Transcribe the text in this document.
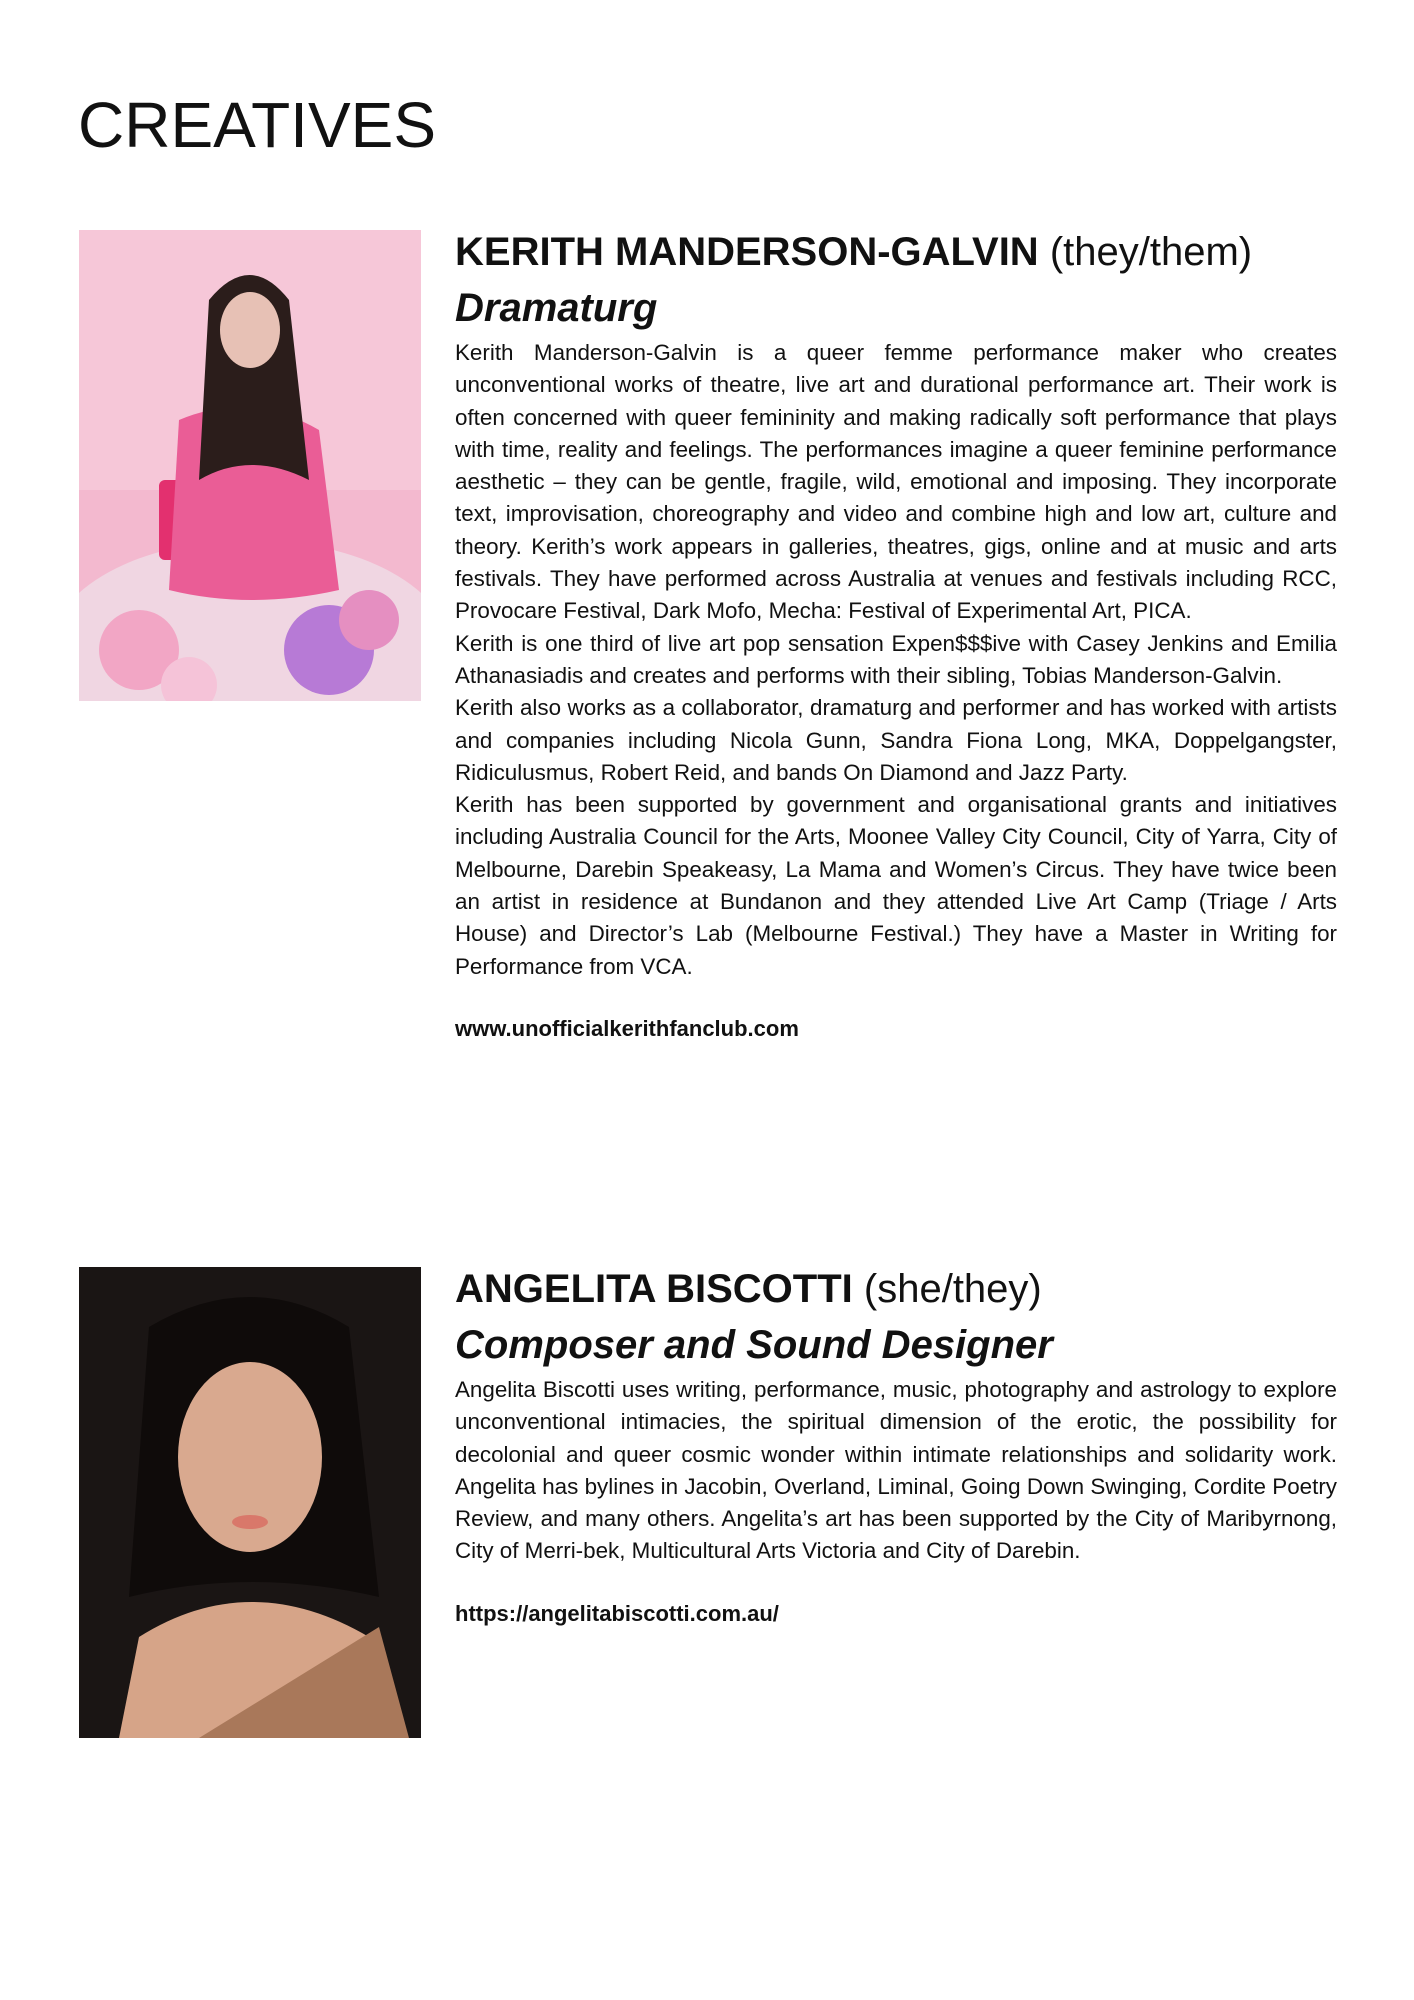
CREATIVES

KERITH MANDERSON-GALVIN (they/them)

Dramaturg

Kerith Manderson-Galvin is a queer femme performance maker who creates unconventional works of theatre, live art and durational performance art. Their work is often concerned with queer femininity and making radically soft performance that plays with time, reality and feelings. The performances imagine a queer feminine performance aesthetic – they can be gentle, fragile, wild, emotional and imposing. They incorporate text, improvisation, choreography and video and combine high and low art, culture and theory. Kerith’s work appears in galleries, theatres, gigs, online and at music and arts festivals. They have performed across Australia at venues and festivals including RCC, Provocare Festival, Dark Mofo, Mecha: Festival of Experimental Art, PICA.

Kerith is one third of live art pop sensation Expen$$$ive with Casey Jenkins and Emilia Athanasiadis and creates and performs with their sibling, Tobias Manderson-Galvin.

Kerith also works as a collaborator, dramaturg and performer and has worked with artists and companies including Nicola Gunn, Sandra Fiona Long, MKA, Doppelgangster, Ridiculusmus, Robert Reid, and bands On Diamond and Jazz Party.

Kerith has been supported by government and organisational grants and initiatives including Australia Council for the Arts, Moonee Valley City Council, City of Yarra, City of Melbourne, Darebin Speakeasy, La Mama and Women’s Circus. They have twice been an artist in residence at Bundanon and they attended Live Art Camp (Triage / Arts House) and Director’s Lab (Melbourne Festival.) They have a Master in Writing for Performance from VCA.

www.unofficialkerithfanclub.com

ANGELITA BISCOTTI (she/they)

Composer and Sound Designer

Angelita Biscotti uses writing, performance, music, photography and astrology to explore unconventional intimacies, the spiritual dimension of the erotic, the possibility for decolonial and queer cosmic wonder within intimate relationships and solidarity work. Angelita has bylines in Jacobin, Overland, Liminal, Going Down Swinging, Cordite Poetry Review, and many others. Angelita’s art has been supported by the City of Maribyrnong, City of Merri-bek, Multicultural Arts Victoria and City of Darebin.

https://angelitabiscotti.com.au/
